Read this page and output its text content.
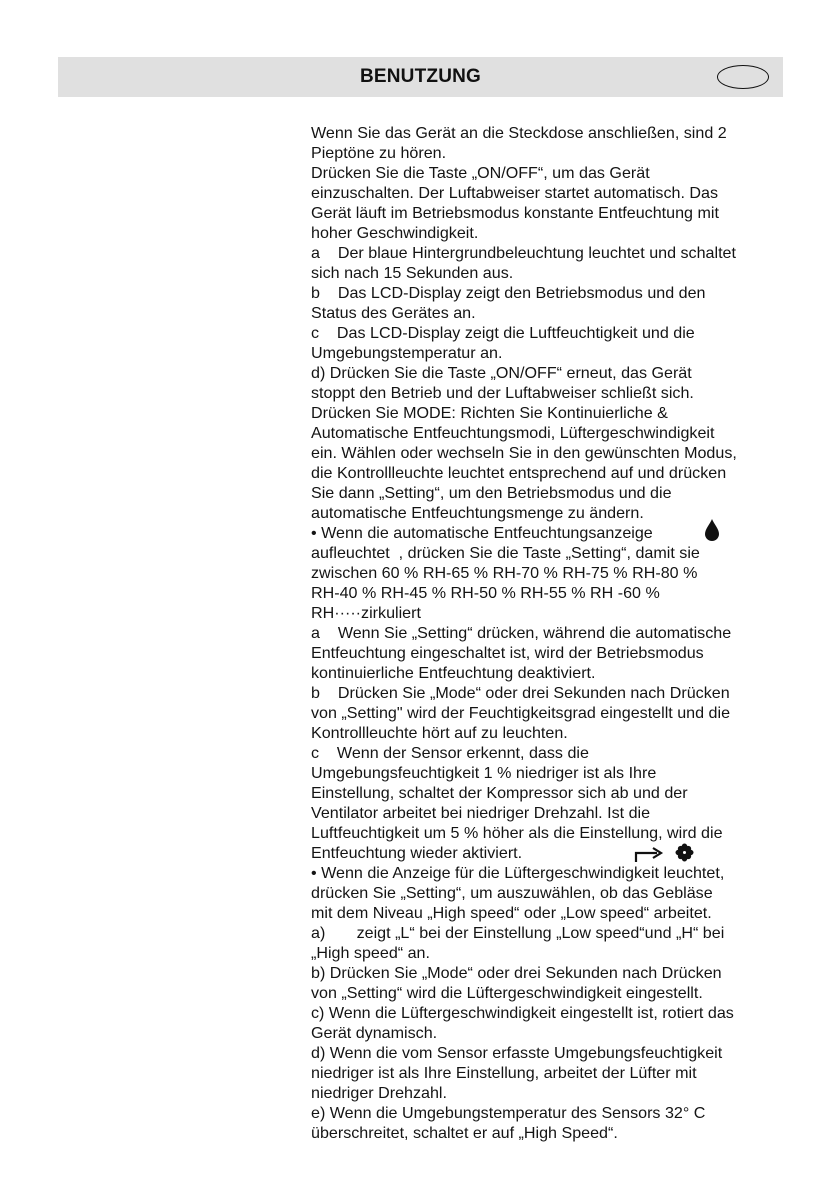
BENUTZUNG
Wenn Sie das Gerät an die Steckdose anschließen, sind 2
Pieptöne zu hören.
Drücken Sie die Taste „ON/OFF“, um das Gerät
einzuschalten. Der Luftabweiser startet automatisch. Das
Gerät läuft im Betriebsmodus konstante Entfeuchtung mit
hoher Geschwindigkeit.
a    Der blaue Hintergrundbeleuchtung leuchtet und schaltet
sich nach 15 Sekunden aus.
b    Das LCD-Display zeigt den Betriebsmodus und den
Status des Gerätes an.
c    Das LCD-Display zeigt die Luftfeuchtigkeit und die
Umgebungstemperatur an.
d) Drücken Sie die Taste „ON/OFF“ erneut, das Gerät
stoppt den Betrieb und der Luftabweiser schließt sich.
Drücken Sie MODE: Richten Sie Kontinuierliche &
Automatische Entfeuchtungsmodi, Lüftergeschwindigkeit
ein. Wählen oder wechseln Sie in den gewünschten Modus,
die Kontrollleuchte leuchtet entsprechend auf und drücken
Sie dann „Setting“, um den Betriebsmodus und die
automatische Entfeuchtungsmenge zu ändern.
• Wenn die automatische Entfeuchtungsanzeige
aufleuchtet  , drücken Sie die Taste „Setting“, damit sie
zwischen 60 % RH-65 % RH-70 % RH-75 % RH-80 %
RH-40 % RH-45 % RH-50 % RH-55 % RH -60 %
RH·····zirkuliert
a    Wenn Sie „Setting“ drücken, während die automatische
Entfeuchtung eingeschaltet ist, wird der Betriebsmodus
kontinuierliche Entfeuchtung deaktiviert.
b    Drücken Sie „Mode“ oder drei Sekunden nach Drücken
von „Setting" wird der Feuchtigkeitsgrad eingestellt und die
Kontrollleuchte hört auf zu leuchten.
c    Wenn der Sensor erkennt, dass die
Umgebungsfeuchtigkeit 1 % niedriger ist als Ihre
Einstellung, schaltet der Kompressor sich ab und der
Ventilator arbeitet bei niedriger Drehzahl. Ist die
Luftfeuchtigkeit um 5 % höher als die Einstellung, wird die
Entfeuchtung wieder aktiviert.
• Wenn die Anzeige für die Lüftergeschwindigkeit leuchtet,
drücken Sie „Setting“, um auszuwählen, ob das Gebläse
mit dem Niveau „High speed“ oder „Low speed“ arbeitet.
a)       zeigt „L“ bei der Einstellung „Low speed“und „H“ bei
„High speed“ an.
b) Drücken Sie „Mode“ oder drei Sekunden nach Drücken
von „Setting“ wird die Lüftergeschwindigkeit eingestellt.
c) Wenn die Lüftergeschwindigkeit eingestellt ist, rotiert das
Gerät dynamisch.
d) Wenn die vom Sensor erfasste Umgebungsfeuchtigkeit
niedriger ist als Ihre Einstellung, arbeitet der Lüfter mit
niedriger Drehzahl.
e) Wenn die Umgebungstemperatur des Sensors 32° C
überschreitet, schaltet er auf „High Speed“.
